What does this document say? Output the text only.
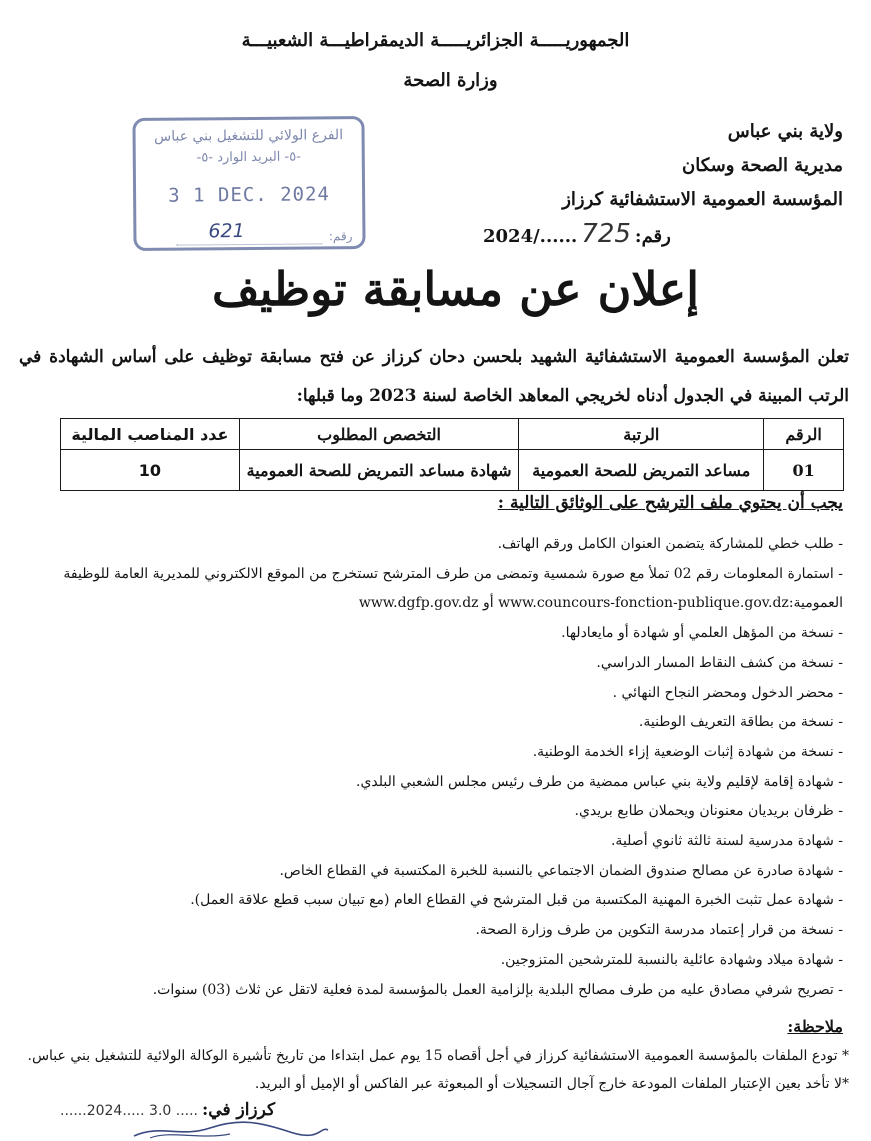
الجمهوريـــــة الجزائريـــــة الديمقراطيـــة الشعبيـــة
وزارة الصحة
ولاية بني عباس
مديرية الصحة وسكان
المؤسسة العمومية الاستشفائية كرزاز
رقم:
725
2024/......
الفرع الولائي للتشغيل بني عباس
-٥- البريد الوارد -٥-
3 1 DEC. 2024
621	رقم:
إعلان عن مسابقة توظيف
تعلن المؤسسة العمومية الاستشفائية الشهيد بلحسن دحان كرزاز عن فتح مسابقة توظيف على أساس الشهادة في الرتب المبينة في الجدول أدناه لخريجي المعاهد الخاصة لسنة 2023 وما قبلها:
الرقم	الرتبة	التخصص المطلوب	عدد المناصب المالية
01	مساعد التمريض للصحة العمومية	شهادة مساعد التمريض للصحة العمومية	10
يجب أن يحتوي ملف الترشح على الوثائق التالية :
- طلب خطي للمشاركة يتضمن العنوان الكامل ورقم الهاتف.
- استمارة المعلومات رقم 02 تملأ مع صورة شمسية وتمضى من طرف المترشح تستخرج من الموقع الالكتروني للمديرية العامة للوظيفة
العمومية:www.councours-fonction-publique.gov.dz أو www.dgfp.gov.dz
- نسخة من المؤهل العلمي أو شهادة أو مايعادلها.
- نسخة من كشف النقاط المسار الدراسي.
- محضر الدخول ومحضر النجاح النهائي .
- نسخة من بطاقة التعريف الوطنية.
- نسخة من شهادة إثبات الوضعية إزاء الخدمة الوطنية.
- شهادة إقامة لإقليم ولاية بني عباس ممضية من طرف رئيس مجلس الشعبي البلدي.
- ظرفان بريديان معنونان ويحملان طابع بريدي.
- شهادة مدرسية لسنة ثالثة ثانوي أصلية.
- شهادة صادرة عن مصالح صندوق الضمان الاجتماعي بالنسبة للخبرة المكتسبة في القطاع الخاص.
- شهادة عمل تثبت الخبرة المهنية المكتسبة من قبل المترشح في القطاع العام (مع تبيان سبب قطع علاقة العمل).
- نسخة من قرار إعتماد مدرسة التكوين من طرف وزارة الصحة.
- شهادة ميلاد وشهادة عائلية بالنسبة للمترشحين المتزوجين.
- تصريح شرفي مصادق عليه من طرف مصالح البلدية بإلزامية العمل بالمؤسسة لمدة فعلية لاتقل عن ثلاث (03) سنوات.
ملاحظة:
* تودع الملفات بالمؤسسة العمومية الاستشفائية كرزاز في أجل أقصاه 15 يوم عمل ابتداءا من تاريخ تأشيرة الوكالة الولائية للتشغيل بني عباس.
*لا تأخد بعين الإعتبار الملفات المودعة خارج آجال التسجيلات أو المبعوثة عبر الفاكس أو الإميل أو البريد.
......2024..... 3.0 ..... كرزاز في:
